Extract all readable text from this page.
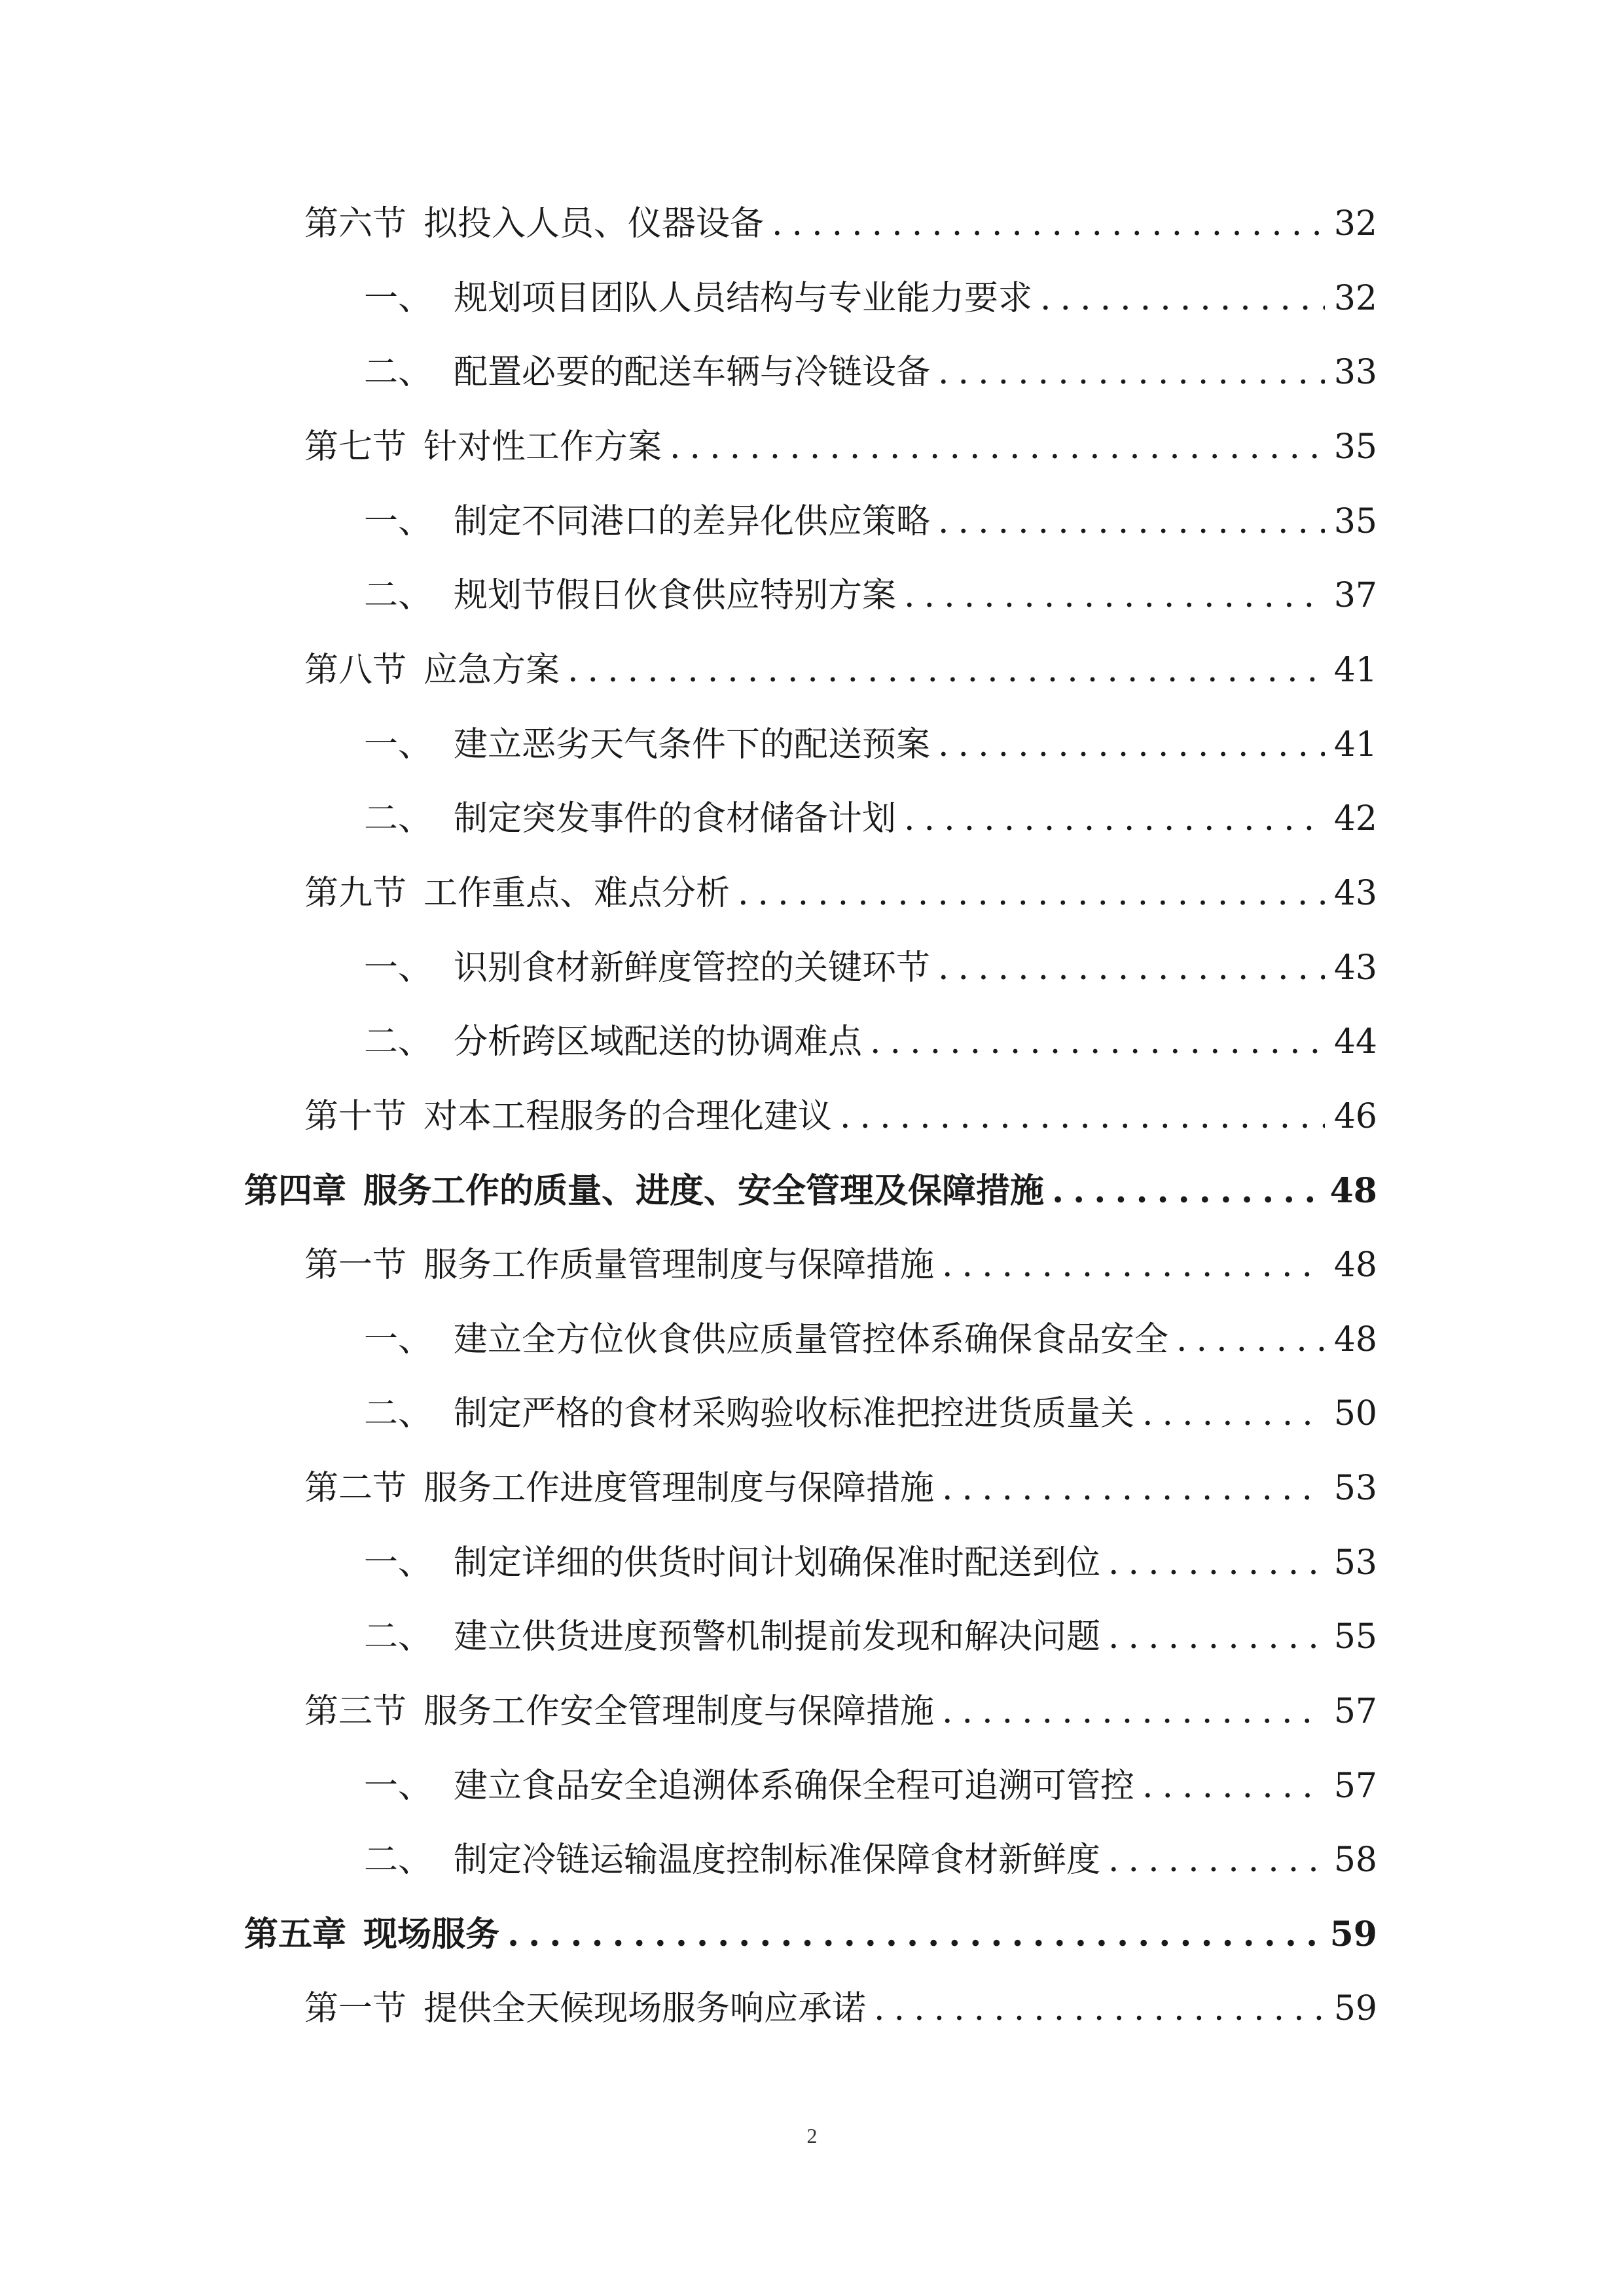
第六节 拟投入人员、仪器设备 .....	32
一、 规划项目团队人员结构与专业能力要求 .....	32
二、 配置必要的配送车辆与冷链设备 .....	33
第七节 针对性工作方案 .....	35
一、 制定不同港口的差异化供应策略 .....	35
二、 规划节假日伙食供应特别方案 .....	37
第八节 应急方案 .....	41
一、 建立恶劣天气条件下的配送预案 .....	41
二、 制定突发事件的食材储备计划 .....	42
第九节 工作重点、难点分析 .....	43
一、 识别食材新鲜度管控的关键环节 .....	43
二、 分析跨区域配送的协调难点 .....	44
第十节 对本工程服务的合理化建议 .....	46
第四章 服务工作的质量、进度、安全管理及保障措施 .....	48
第一节 服务工作质量管理制度与保障措施 .....	48
一、 建立全方位伙食供应质量管控体系确保食品安全 .....	48
二、 制定严格的食材采购验收标准把控进货质量关 .....	50
第二节 服务工作进度管理制度与保障措施 .....	53
一、 制定详细的供货时间计划确保准时配送到位 .....	53
二、 建立供货进度预警机制提前发现和解决问题 .....	55
第三节 服务工作安全管理制度与保障措施 .....	57
一、 建立食品安全追溯体系确保全程可追溯可管控 .....	57
二、 制定冷链运输温度控制标准保障食材新鲜度 .....	58
第五章 现场服务 .....	59
第一节 提供全天候现场服务响应承诺 .....	59
2
